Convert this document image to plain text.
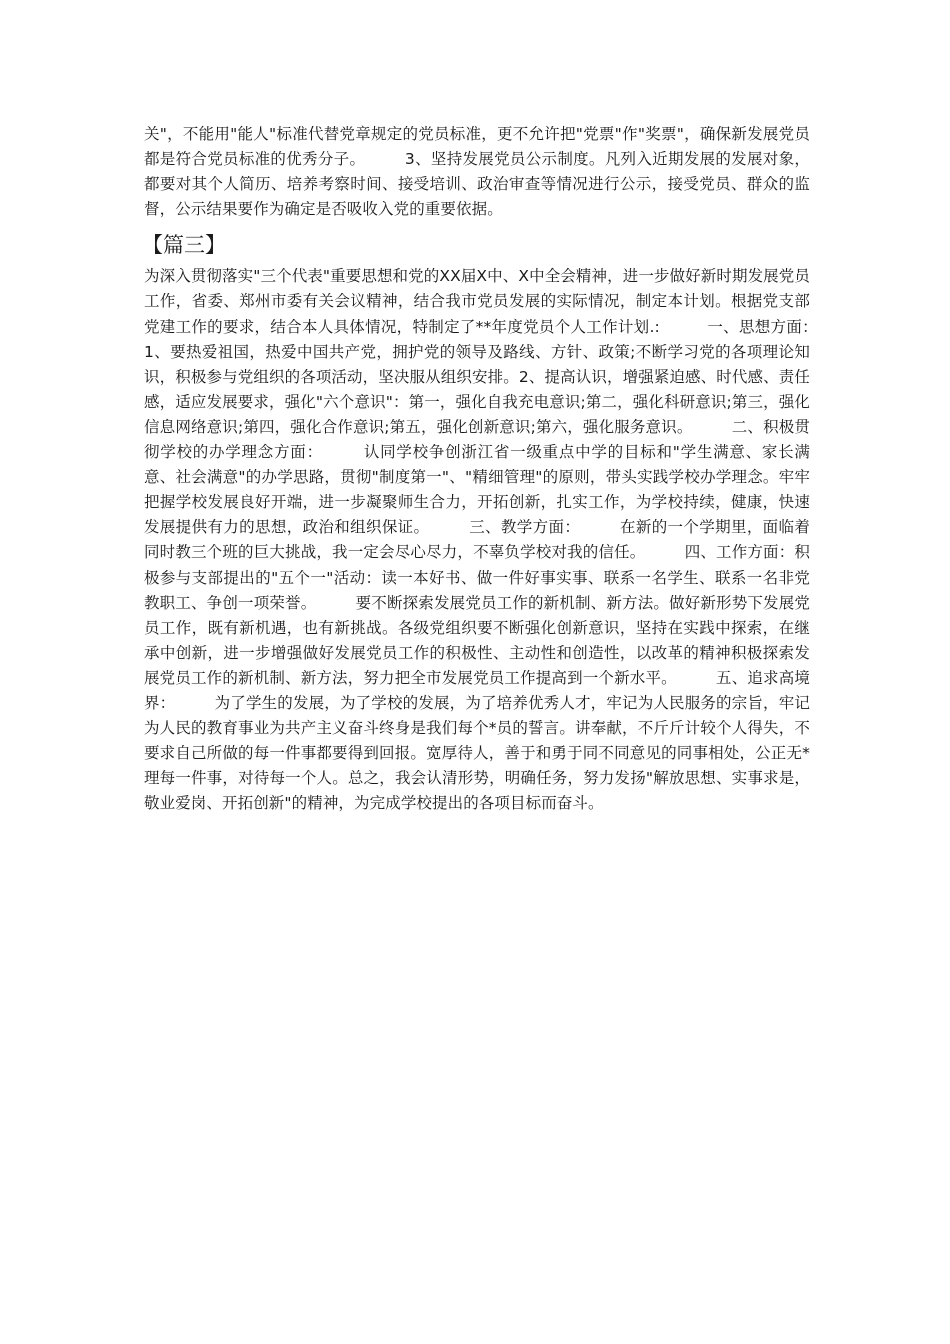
关"，不能用"能人"标准代替党章规定的党员标准，更不允许把"党票"作"奖票"，确保新发展党员都是符合党员标准的优秀分子。　　　3、坚持发展党员公示制度。凡列入近期发展的发展对象，都要对其个人简历、培养考察时间、接受培训、政治审查等情况进行公示，接受党员、群众的监督，公示结果要作为确定是否吸收入党的重要依据。

【篇三】

为深入贯彻落实"三个代表"重要思想和党的XX届X中、X中全会精神，进一步做好新时期发展党员工作，省委、郑州市委有关会议精神，结合我市党员发展的实际情况，制定本计划。根据党支部党建工作的要求，结合本人具体情况，特制定了**年度党员个人工作计划.:　　　一、思想方面：　　　1、要热爱祖国，热爱中国共产党，拥护党的领导及路线、方针、政策;不断学习党的各项理论知识，积极参与党组织的各项活动，坚决服从组织安排。2、提高认识，增强紧迫感、时代感、责任感，适应发展要求，强化"六个意识"：第一，强化自我充电意识;第二，强化科研意识;第三，强化信息网络意识;第四，强化合作意识;第五，强化创新意识;第六，强化服务意识。　　　二、积极贯彻学校的办学理念方面：　　　认同学校争创浙江省一级重点中学的目标和"学生满意、家长满意、社会满意"的办学思路，贯彻"制度第一"、"精细管理"的原则，带头实践学校办学理念。牢牢把握学校发展良好开端，进一步凝聚师生合力，开拓创新，扎实工作，为学校持续，健康，快速发展提供有力的思想，政治和组织保证。　　　三、教学方面：　　　在新的一个学期里，面临着同时教三个班的巨大挑战，我一定会尽心尽力，不辜负学校对我的信任。　　　四、工作方面：积极参与支部提出的"五个一"活动：读一本好书、做一件好事实事、联系一名学生、联系一名非党教职工、争创一项荣誉。　　　要不断探索发展党员工作的新机制、新方法。做好新形势下发展党员工作，既有新机遇，也有新挑战。各级党组织要不断强化创新意识，坚持在实践中探索，在继承中创新，进一步增强做好发展党员工作的积极性、主动性和创造性，以改革的精神积极探索发展党员工作的新机制、新方法，努力把全市发展党员工作提高到一个新水平。　　　五、追求高境界：　　　为了学生的发展，为了学校的发展，为了培养优秀人才，牢记为人民服务的宗旨，牢记为人民的教育事业为共产主义奋斗终身是我们每个*员的誓言。讲奉献，不斤斤计较个人得失，不要求自己所做的每一件事都要得到回报。宽厚待人，善于和勇于同不同意见的同事相处，公正无*理每一件事，对待每一个人。总之，我会认清形势，明确任务，努力发扬"解放思想、实事求是，敬业爱岗、开拓创新"的精神，为完成学校提出的各项目标而奋斗。
